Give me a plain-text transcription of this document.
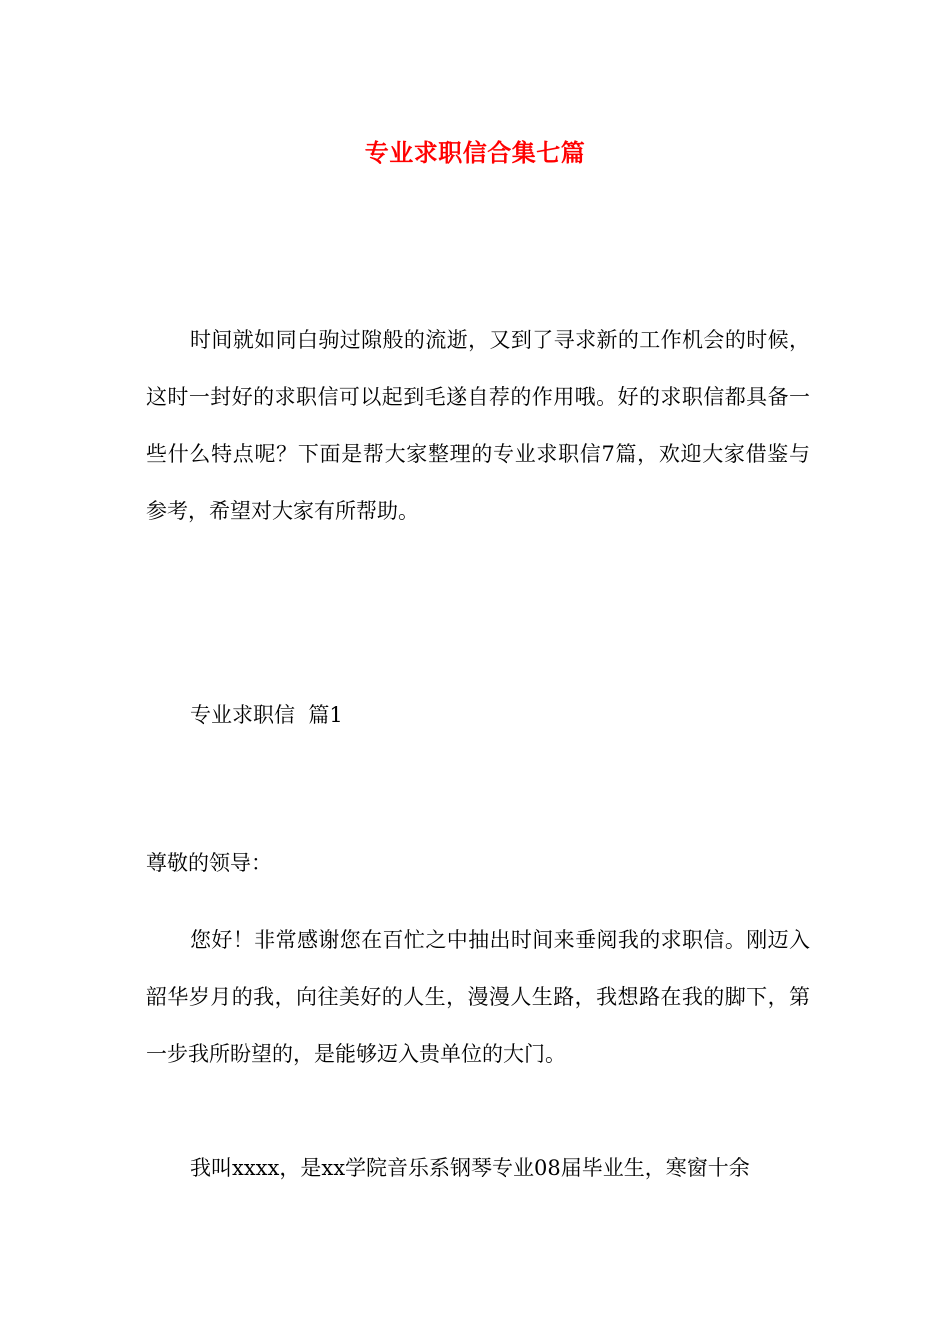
专业求职信合集七篇
时间就如同白驹过隙般的流逝，又到了寻求新的工作机会的时候，这时一封好的求职信可以起到毛遂自荐的作用哦。好的求职信都具备一些什么特点呢？下面是帮大家整理的专业求职信7篇，欢迎大家借鉴与参考，希望对大家有所帮助。
专业求职信  篇1
尊敬的领导：
您好！非常感谢您在百忙之中抽出时间来垂阅我的求职信。刚迈入韶华岁月的我，向往美好的人生，漫漫人生路，我想路在我的脚下，第一步我所盼望的，是能够迈入贵单位的大门。
我叫xxxx，是xx学院音乐系钢琴专业08届毕业生，寒窗十余
